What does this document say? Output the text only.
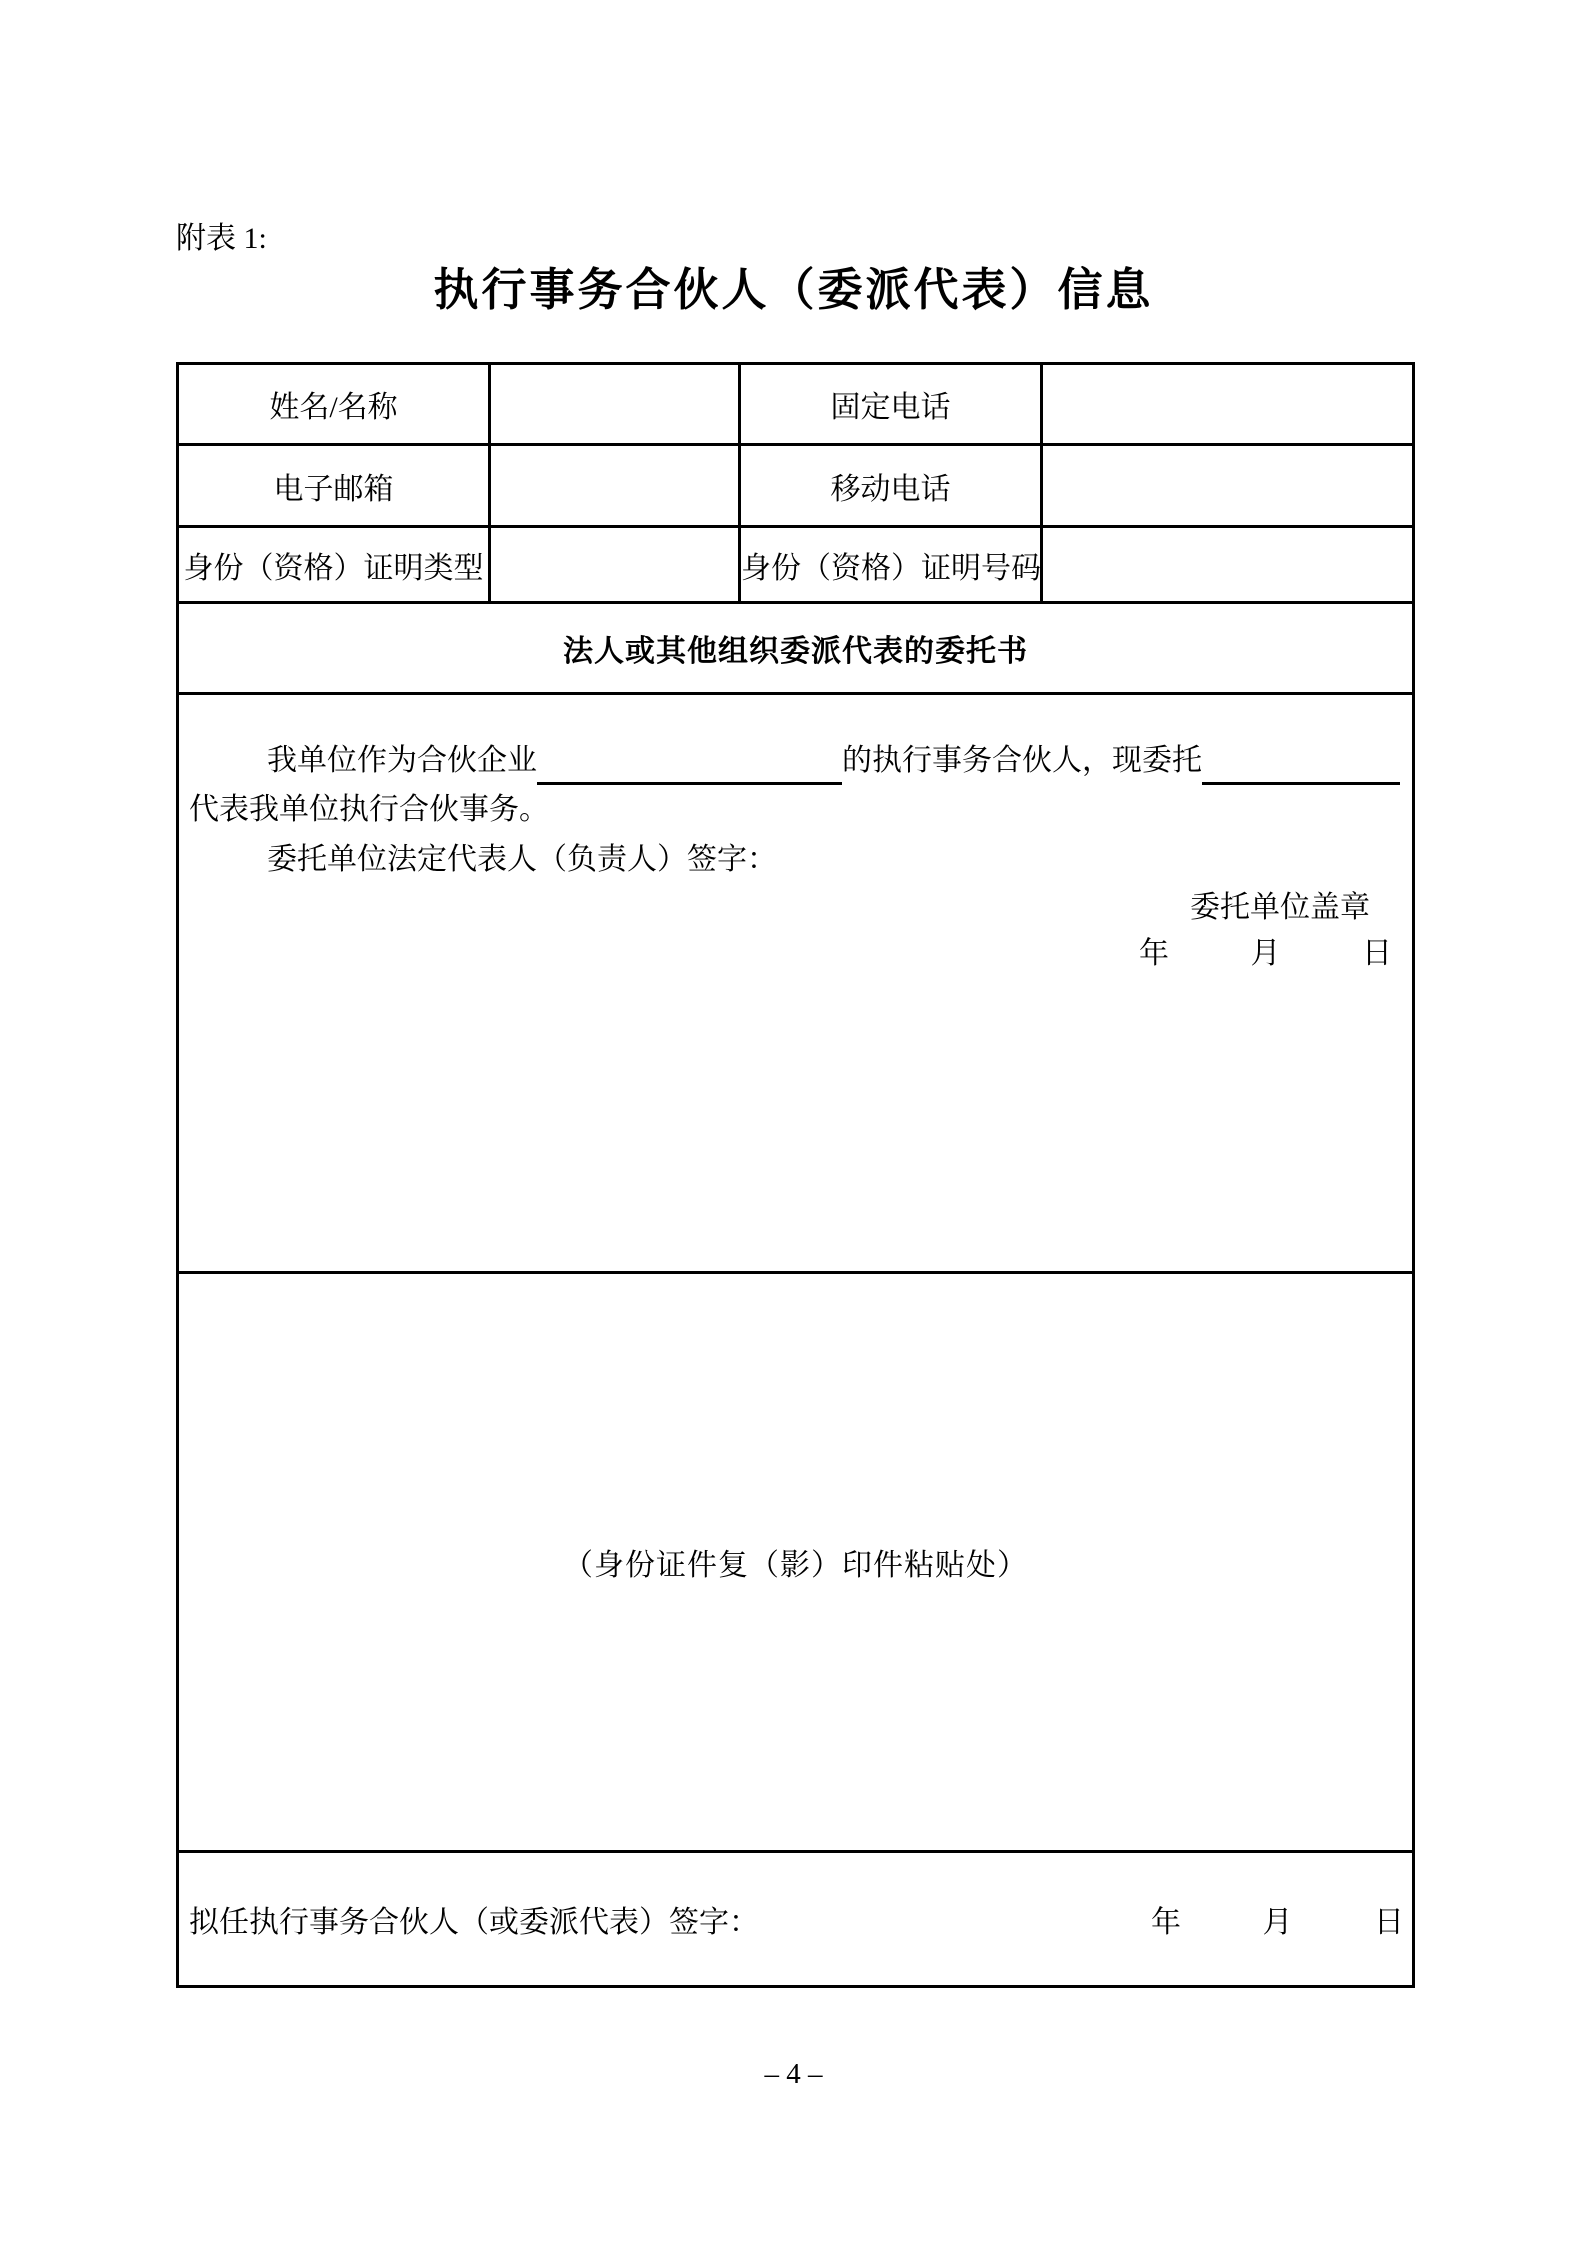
附表 1:
执行事务合伙人（委派代表）信息
姓名/名称		固定电话	
电子邮箱		移动电话	
身份（资格）证明类型		身份（资格）证明号码	
法人或其他组织委派代表的委托书			

我单位作为合伙企业	的执行事务合伙人，现委托
代表我单位执行合伙事务。
委托单位法定代表人（负责人）签字：
委托单位盖章
年	月	日

（身份证件复（影）印件粘贴处）			

拟任执行事务合伙人（或委派代表）签字： 年 月 日			
– 4 –
